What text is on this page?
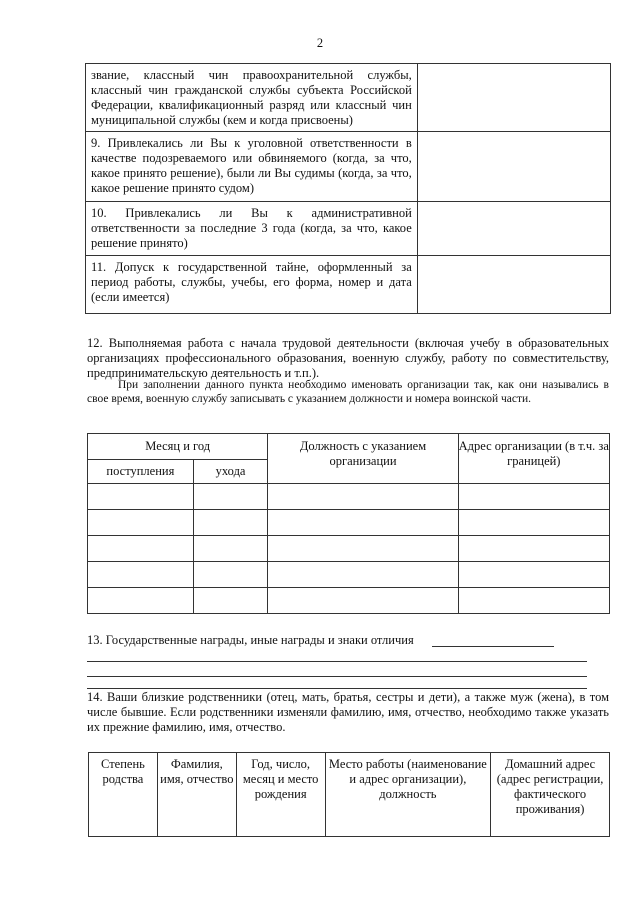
2
звание, классный чин правоохранительной службы, классный чин гражданской службы субъекта Российской Федерации, квалификационный разряд или классный чин муниципальной службы (кем и когда присвоены)	
9. Привлекались ли Вы к уголовной ответственности в качестве подозреваемого или обвиняемого (когда, за что, какое принято решение), были ли Вы судимы (когда, за что, какое решение принято судом)	
10. Привлекались ли Вы к административной ответственности за последние 3 года (когда, за что, какое решение принято)	
11. Допуск к государственной тайне, оформленный за период работы, службы, учебы, его форма, номер и дата (если имеется)	
12. Выполняемая работа с начала трудовой деятельности (включая учебу в образовательных организациях профессионального образования, военную службу, работу по совместительству, предпринимательскую деятельность и т.п.).
При заполнении данного пункта необходимо именовать организации так, как они назывались в свое время, военную службу записывать с указанием должности и номера воинской части.
Месяц и год		Должность с указанием организации	Адрес организации (в т.ч. за границей)
поступления	ухода		

13. Государственные награды, иные награды и знаки отличия
14. Ваши близкие родственники (отец, мать, братья, сестры и дети), а также муж (жена), в том числе бывшие. Если родственники изменяли фамилию, имя, отчество, необходимо также указать их прежние фамилию, имя, отчество.
Степень родства	Фамилия, имя, отчество	Год, число, месяц и место рождения	Место работы (наименование и адрес организации), должность	Домашний адрес (адрес регистрации, фактического проживания)
